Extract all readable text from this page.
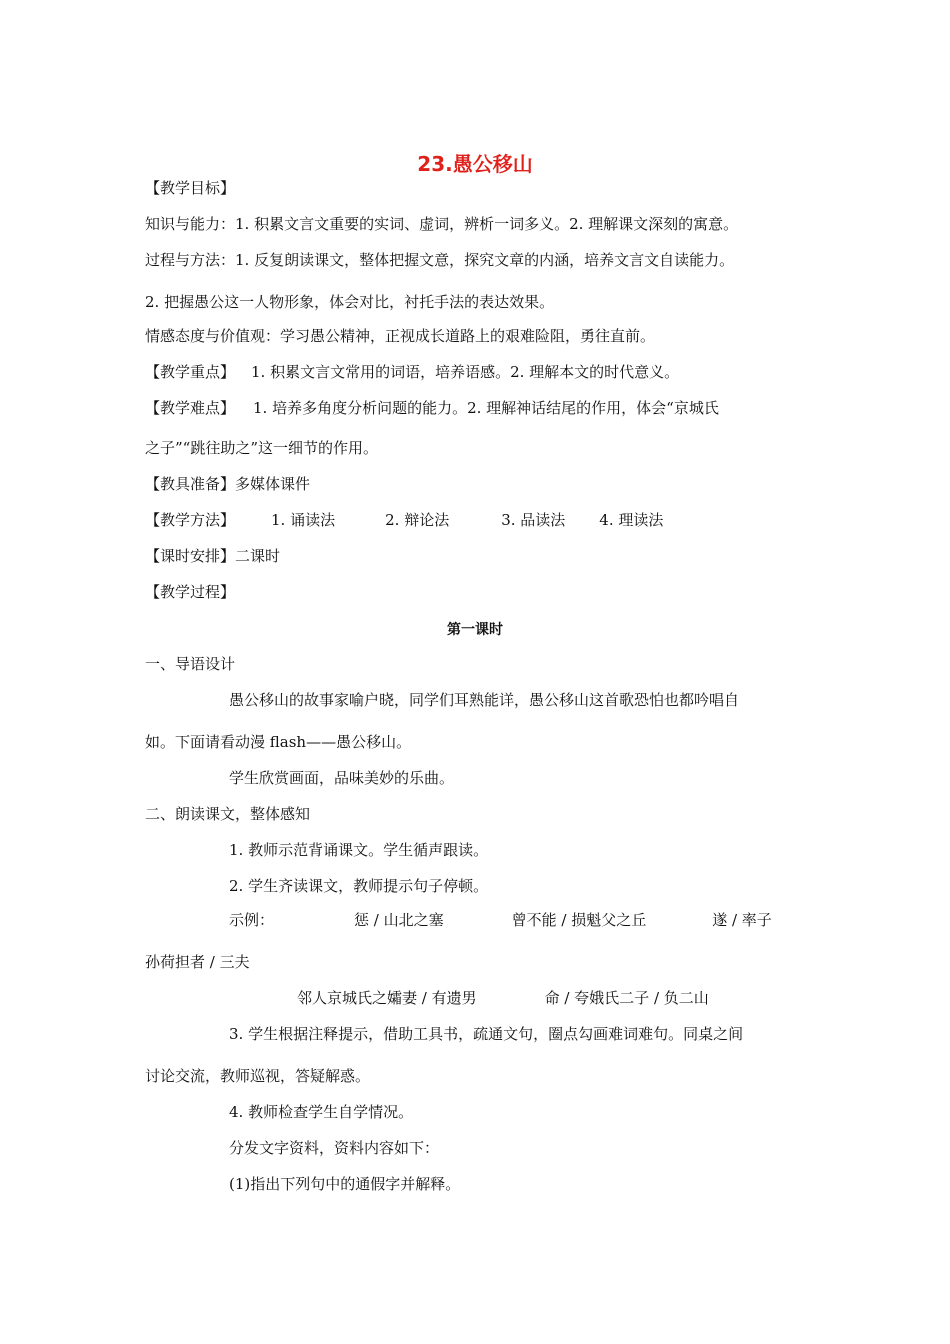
23.愚公移山
【教学目标】
知识与能力：1. 积累文言文重要的实词、虚词，辨析一词多义。2. 理解课文深刻的寓意。
过程与方法：1. 反复朗读课文，整体把握文意，探究文章的内涵，培养文言文自读能力。
2. 把握愚公这一人物形象，体会对比，衬托手法的表达效果。
情感态度与价值观：学习愚公精神，正视成长道路上的艰难险阻，勇往直前。
【教学重点】 1. 积累文言文常用的词语，培养语感。2. 理解本文的时代意义。
【教学难点】 1. 培养多角度分析问题的能力。2. 理解神话结尾的作用，体会“京城氏
之子”“跳往助之”这一细节的作用。
【教具准备】多媒体课件
【教学方法】 1. 诵读法	2. 辩论法	3. 品读法 4. 理读法
【课时安排】二课时
【教学过程】
第一课时
一、导语设计
愚公移山的故事家喻户晓，同学们耳熟能详，愚公移山这首歌恐怕也都吟唱自
如。下面请看动漫 flash——愚公移山。
学生欣赏画面，品味美妙的乐曲。
二、朗读课文，整体感知
1. 教师示范背诵课文。学生循声跟读。
2. 学生齐读课文，教师提示句子停顿。
示例：	惩 / 山北之塞	曾不能 / 损魁父之丘	遂 / 率子
孙荷担者 / 三夫
邻人京城氏之孀妻 / 有遗男	命 / 夸娥氏二子 / 负二山
3. 学生根据注释提示，借助工具书，疏通文句，圈点勾画难词难句。同桌之间
讨论交流，教师巡视，答疑解惑。
4. 教师检查学生自学情况。
分发文字资料，资料内容如下：
(1)指出下列句中的通假字并解释。
